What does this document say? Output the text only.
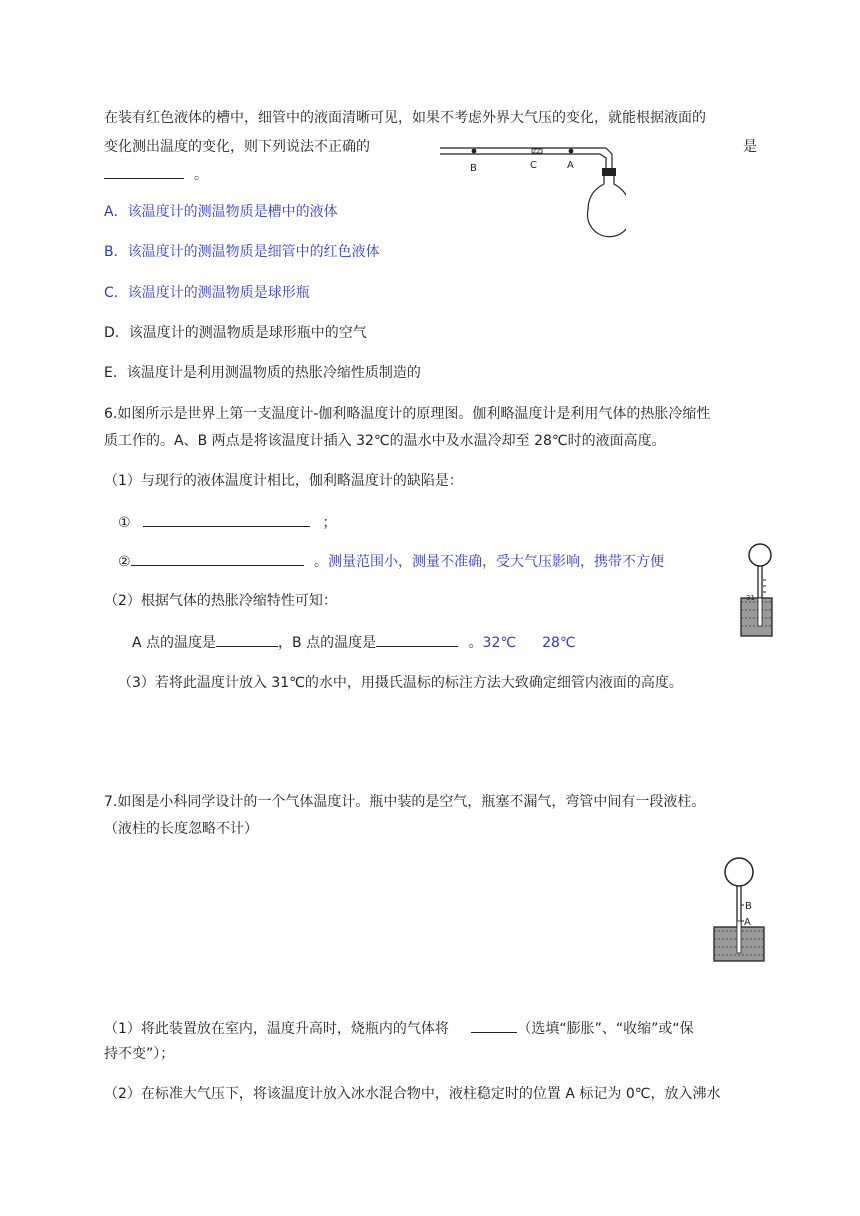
在装有红色液体的槽中，细管中的液面清晰可见，如果不考虑外界大气压的变化，就能根据液面的
变化测出温度的变化，则下列说法不正确的	是
。	B	C	A
A．该温度计的测温物质是槽中的液体
B．该温度计的测温物质是细管中的红色液体
C．该温度计的测温物质是球形瓶
D．该温度计的测温物质是球形瓶中的空气
E．该温度计是利用测温物质的热胀冷缩性质制造的
6.如图所示是世界上第一支温度计-伽利略温度计的原理图。伽利略温度计是利用气体的热胀冷缩性
质工作的。A、B 两点是将该温度计插入 32℃的温水中及水温冷却至 28℃时的液面高度。
（1）与现行的液体温度计相比，伽利略温度计的缺陷是：
①	；
②	。测量范围小，测量不准确，受大气压影响，携带不方便
（2）根据气体的热胀冷缩特性可知：
A 点的温度是	，B 点的温度是	。32℃ 28℃
31
（3）若将此温度计放入 31℃的水中，用摄氏温标的标注方法大致确定细管内液面的高度。
7.如图是小科同学设计的一个气体温度计。瓶中装的是空气，瓶塞不漏气，弯管中间有一段液柱。
（液柱的长度忽略不计）
B
A
（1）将此装置放在室内，温度升高时，烧瓶内的气体将	（选填“膨胀”、“收缩”或“保
持不变”）；
（2）在标准大气压下，将该温度计放入冰水混合物中，液柱稳定时的位置 A 标记为 0℃，放入沸水
